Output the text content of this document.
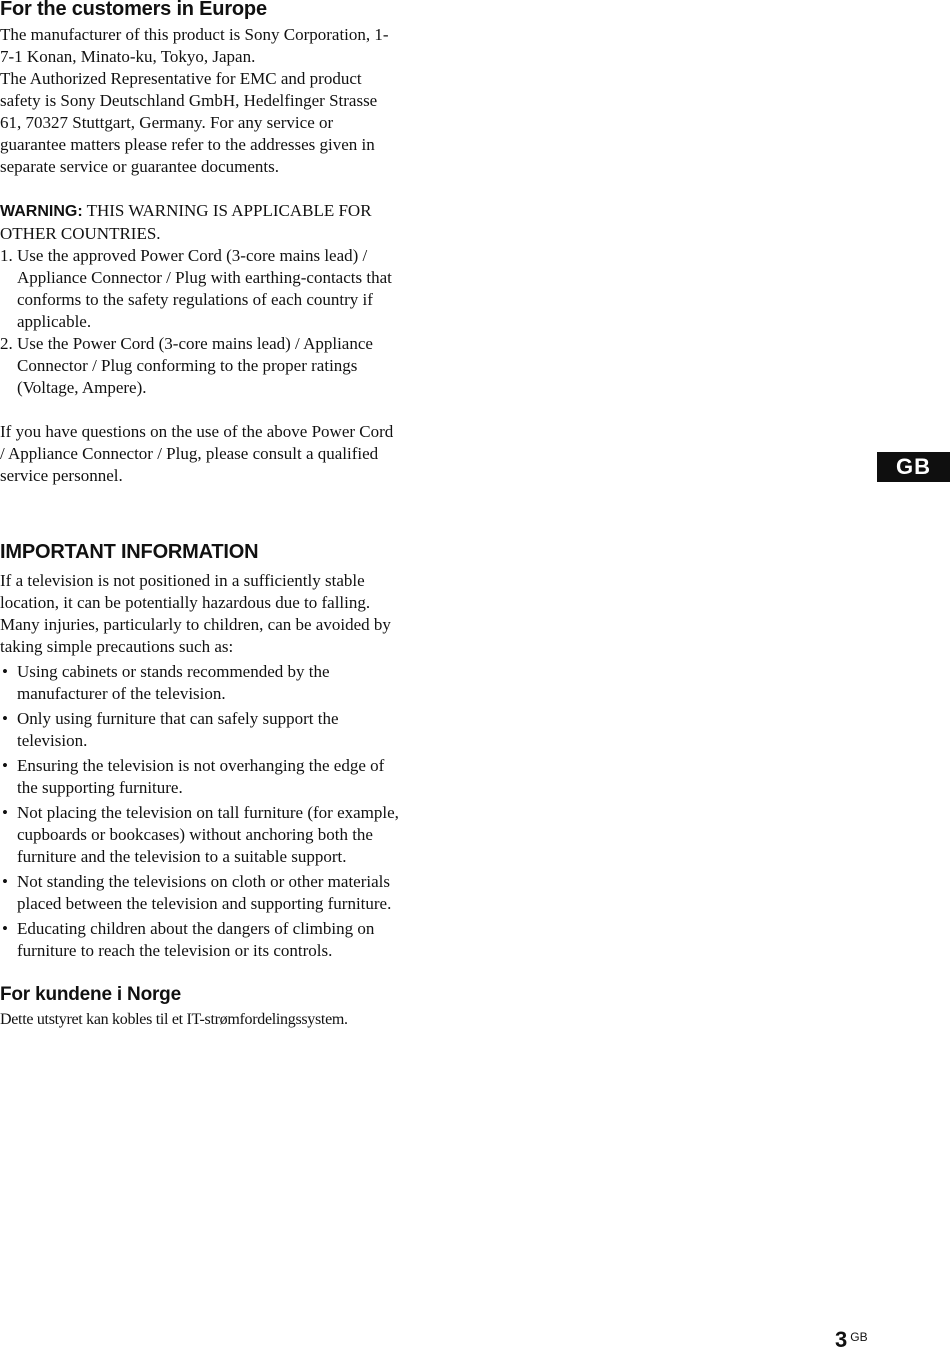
For the customers in Europe

The manufacturer of this product is Sony Corporation, 1-7-1 Konan, Minato-ku, Tokyo, Japan.

The Authorized Representative for EMC and product safety is Sony Deutschland GmbH, Hedelfinger Strasse 61, 70327 Stuttgart, Germany. For any service or guarantee matters please refer to the addresses given in separate service or guarantee documents.

WARNING: THIS WARNING IS APPLICABLE FOR OTHER COUNTRIES.

1. Use the approved Power Cord (3-core mains lead) / Appliance Connector / Plug with earthing-contacts that conforms to the safety regulations of each country if applicable.
2. Use the Power Cord (3-core mains lead) / Appliance Connector / Plug conforming to the proper ratings (Voltage, Ampere).

If you have questions on the use of the above Power Cord / Appliance Connector / Plug, please consult a qualified service personnel.

IMPORTANT INFORMATION

If a television is not positioned in a sufficiently stable location, it can be potentially hazardous due to falling. Many injuries, particularly to children, can be avoided by taking simple precautions such as:

• Using cabinets or stands recommended by the manufacturer of the television.
• Only using furniture that can safely support the television.
• Ensuring the television is not overhanging the edge of the supporting furniture.
• Not placing the television on tall furniture (for example, cupboards or bookcases) without anchoring both the furniture and the television to a suitable support.
• Not standing the televisions on cloth or other materials placed between the television and supporting furniture.
• Educating children about the dangers of climbing on furniture to reach the television or its controls.
For kundene i Norge

Dette utstyret kan kobles til et IT-strømfordelingssystem.

GB
3 $^{GB}$
